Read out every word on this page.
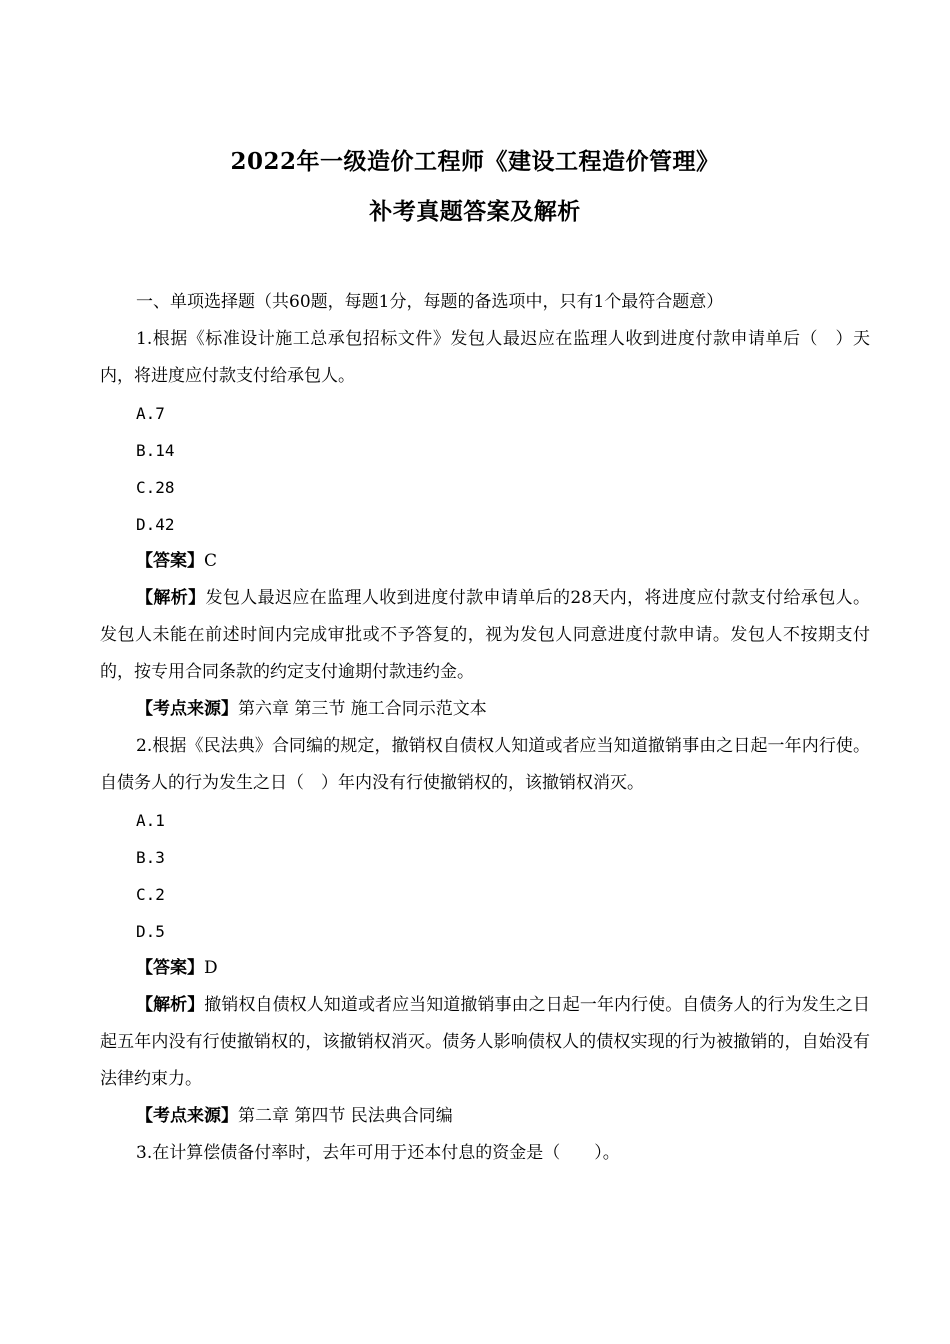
2022年一级造价工程师《建设工程造价管理》
补考真题答案及解析

一、单项选择题（共60题，每题1分，每题的备选项中，只有1个最符合题意）

1.根据《标准设计施工总承包招标文件》发包人最迟应在监理人收到进度付款申请单后（　）天内，将进度应付款支付给承包人。

A.7

B.14

C.28

D.42

【答案】C

【解析】发包人最迟应在监理人收到进度付款申请单后的28天内，将进度应付款支付给承包人。发包人未能在前述时间内完成审批或不予答复的，视为发包人同意进度付款申请。发包人不按期支付的，按专用合同条款的约定支付逾期付款违约金。

【考点来源】第六章 第三节 施工合同示范文本

2.根据《民法典》合同编的规定，撤销权自债权人知道或者应当知道撤销事由之日起一年内行使。自债务人的行为发生之日（　）年内没有行使撤销权的，该撤销权消灭。

A.1

B.3

C.2

D.5

【答案】D

【解析】撤销权自债权人知道或者应当知道撤销事由之日起一年内行使。自债务人的行为发生之日起五年内没有行使撤销权的，该撤销权消灭。债务人影响债权人的债权实现的行为被撤销的，自始没有法律约束力。

【考点来源】第二章 第四节 民法典合同编

3.在计算偿债备付率时，去年可用于还本付息的资金是（　　）。
